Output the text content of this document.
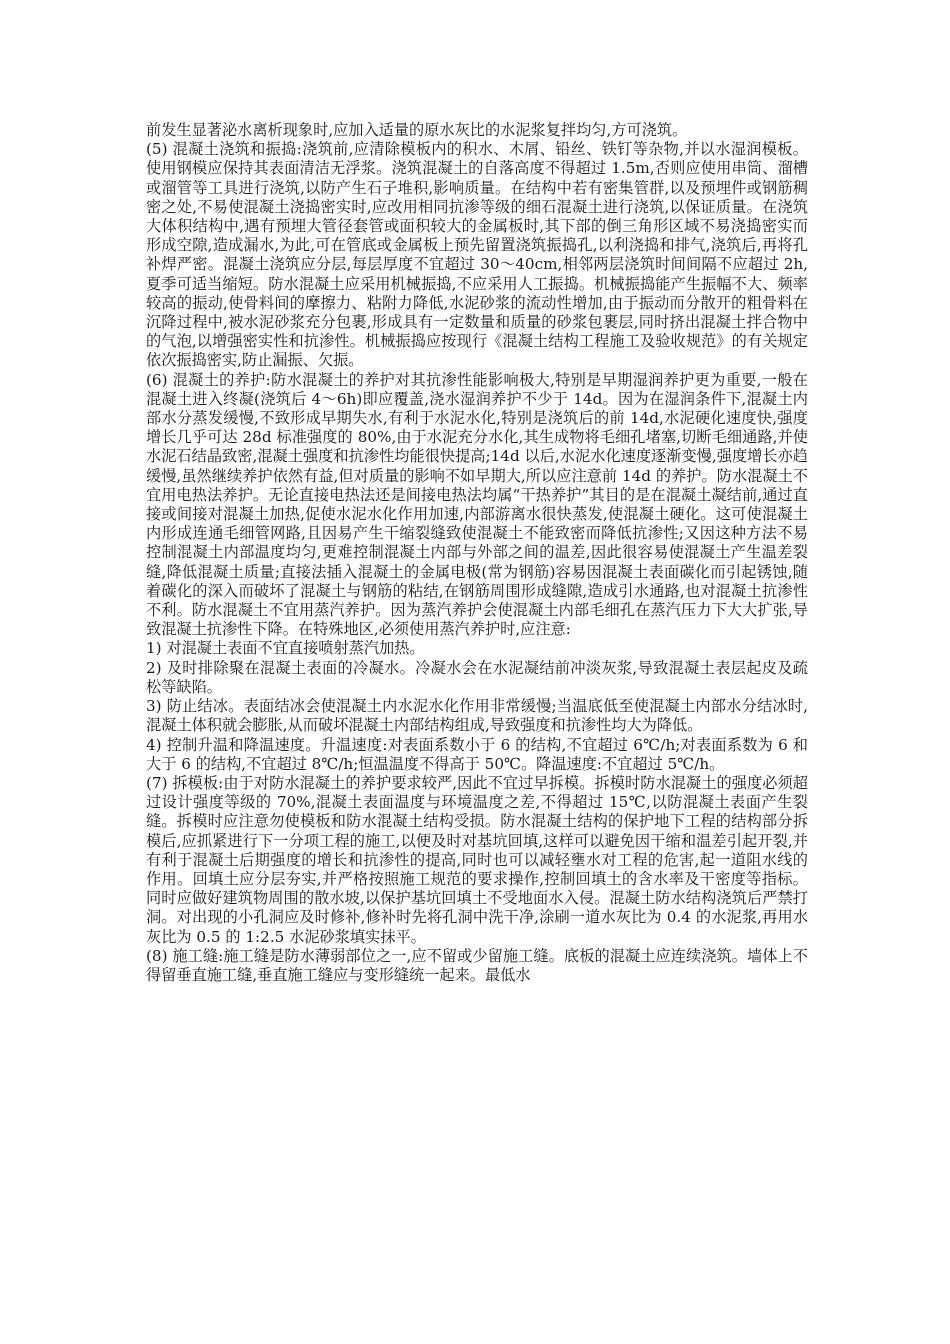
前发生显著泌水离析现象时,应加入适量的原水灰比的水泥浆复拌均匀,方可浇筑。

(5) 混凝土浇筑和振捣:浇筑前,应清除模板内的积水、木屑、铅丝、铁钉等杂物,并以水湿润模板。使用钢模应保持其表面清洁无浮浆。浇筑混凝土的自落高度不得超过 1.5m,否则应使用串筒、溜槽或溜管等工具进行浇筑,以防产生石子堆积,影响质量。在结构中若有密集管群,以及预埋件或钢筋稠密之处,不易使混凝土浇捣密实时,应改用相同抗渗等级的细石混凝土进行浇筑,以保证质量。在浇筑大体积结构中,遇有预埋大管径套管或面积较大的金属板时,其下部的倒三角形区域不易浇捣密实而形成空隙,造成漏水,为此,可在管底或金属板上预先留置浇筑振捣孔,以利浇捣和排气,浇筑后,再将孔补焊严密。混凝土浇筑应分层,每层厚度不宜超过 30～40cm,相邻两层浇筑时间间隔不应超过 2h,夏季可适当缩短。防水混凝土应采用机械振捣,不应采用人工振捣。机械振捣能产生振幅不大、频率较高的振动,使骨料间的摩擦力、粘附力降低,水泥砂浆的流动性增加,由于振动而分散开的粗骨料在沉降过程中,被水泥砂浆充分包裹,形成具有一定数量和质量的砂浆包裹层,同时挤出混凝土拌合物中的气泡,以增强密实性和抗渗性。机械振捣应按现行《混凝土结构工程施工及验收规范》的有关规定依次振捣密实,防止漏振、欠振。

(6) 混凝土的养护:防水混凝土的养护对其抗渗性能影响极大,特别是早期湿润养护更为重要,一般在混凝土进入终凝(浇筑后 4～6h)即应覆盖,浇水湿润养护不少于 14d。因为在湿润条件下,混凝土内部水分蒸发缓慢,不致形成早期失水,有利于水泥水化,特别是浇筑后的前 14d,水泥硬化速度快,强度增长几乎可达 28d 标准强度的 80%,由于水泥充分水化,其生成物将毛细孔堵塞,切断毛细通路,并使水泥石结晶致密,混凝土强度和抗渗性均能很快提高;14d 以后,水泥水化速度逐渐变慢,强度增长亦趋缓慢,虽然继续养护依然有益,但对质量的影响不如早期大,所以应注意前 14d 的养护。防水混凝土不宜用电热法养护。无论直接电热法还是间接电热法均属“干热养护”其目的是在混凝土凝结前,通过直接或间接对混凝土加热,促使水泥水化作用加速,内部游离水很快蒸发,使混凝土硬化。这可使混凝土内形成连通毛细管网路,且因易产生干缩裂缝致使混凝土不能致密而降低抗渗性;又因这种方法不易控制混凝土内部温度均匀,更难控制混凝土内部与外部之间的温差,因此很容易使混凝土产生温差裂缝,降低混凝土质量;直接法插入混凝土的金属电极(常为钢筋)容易因混凝土表面碳化而引起锈蚀,随着碳化的深入而破坏了混凝土与钢筋的粘结,在钢筋周围形成缝隙,造成引水通路,也对混凝土抗渗性不利。防水混凝土不宜用蒸汽养护。因为蒸汽养护会使混凝土内部毛细孔在蒸汽压力下大大扩张,导致混凝土抗渗性下降。在特殊地区,必须使用蒸汽养护时,应注意:

1) 对混凝土表面不宜直接喷射蒸汽加热。

2) 及时排除聚在混凝土表面的冷凝水。冷凝水会在水泥凝结前冲淡灰浆,导致混凝土表层起皮及疏松等缺陷。

3) 防止结冰。表面结冰会使混凝土内水泥水化作用非常缓慢;当温底低至使混凝土内部水分结冰时,混凝土体积就会膨胀,从而破坏混凝土内部结构组成,导致强度和抗渗性均大为降低。

4) 控制升温和降温速度。升温速度:对表面系数小于 6 的结构,不宜超过 6℃/h;对表面系数为 6 和大于 6 的结构,不宜超过 8℃/h;恒温温度不得高于 50℃。降温速度:不宜超过 5℃/h。

(7) 拆模板:由于对防水混凝土的养护要求较严,因此不宜过早拆模。拆模时防水混凝土的强度必须超过设计强度等级的 70%,混凝土表面温度与环境温度之差,不得超过 15℃,以防混凝土表面产生裂缝。拆模时应注意勿使模板和防水混凝土结构受损。防水混凝土结构的保护地下工程的结构部分拆模后,应抓紧进行下一分项工程的施工,以便及时对基坑回填,这样可以避免因干缩和温差引起开裂,并有利于混凝土后期强度的增长和抗渗性的提高,同时也可以减轻壅水对工程的危害,起一道阻水线的作用。回填土应分层夯实,并严格按照施工规范的要求操作,控制回填土的含水率及干密度等指标。同时应做好建筑物周围的散水坡,以保护基坑回填土不受地面水入侵。混凝土防水结构浇筑后严禁打洞。对出现的小孔洞应及时修补,修补时先将孔洞中洗干净,涂刷一道水灰比为 0.4 的水泥浆,再用水灰比为 0.5 的 1:2.5 水泥砂浆填实抹平。

(8) 施工缝:施工缝是防水薄弱部位之一,应不留或少留施工缝。底板的混凝土应连续浇筑。墙体上不得留垂直施工缝,垂直施工缝应与变形缝统一起来。最低水
